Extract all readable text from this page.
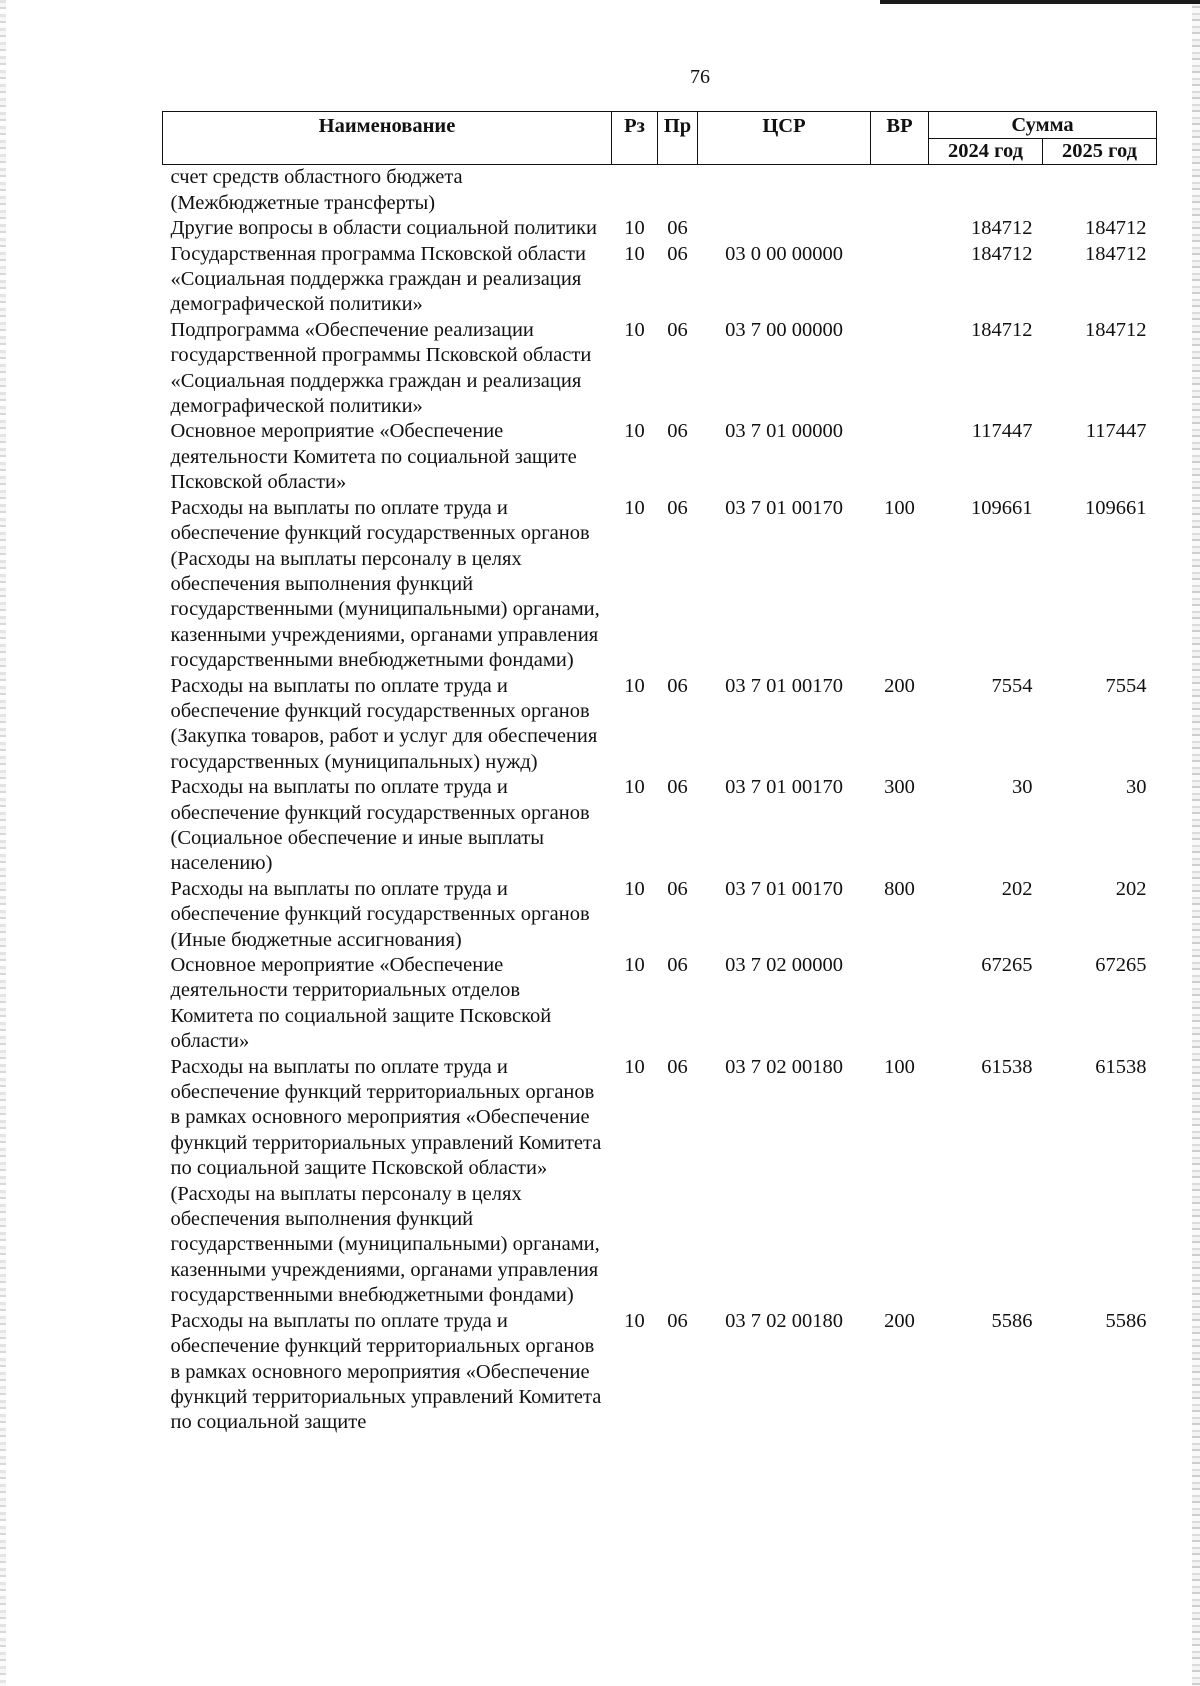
76
Наименование	Рз	Пр	ЦСР	ВР	Сумма	
					2024 год	2025 год
счет средств областного бюджета (Межбюджетные трансферты)						
Другие вопросы в области социальной политики	10	06			184712	184712
Государственная программа Псковской области «Социальная поддержка граждан и реализация демографической политики»	10	06	03 0 00 00000		184712	184712
Подпрограмма «Обеспечение реализации государственной программы Псковской области «Социальная поддержка граждан и реализация демографической политики»	10	06	03 7 00 00000		184712	184712
Основное мероприятие «Обеспечение деятельности Комитета по социальной защите Псковской области»	10	06	03 7 01 00000		117447	117447
Расходы на выплаты по оплате труда и обеспечение функций государственных органов (Расходы на выплаты персоналу в целях обеспечения выполнения функций государственными (муниципальными) органами, казенными учреждениями, органами управления государственными внебюджетными фондами)	10	06	03 7 01 00170	100	109661	109661
Расходы на выплаты по оплате труда и обеспечение функций государственных органов (Закупка товаров, работ и услуг для обеспечения государственных (муниципальных) нужд)	10	06	03 7 01 00170	200	7554	7554
Расходы на выплаты по оплате труда и обеспечение функций государственных органов (Социальное обеспечение и иные выплаты населению)	10	06	03 7 01 00170	300	30	30
Расходы на выплаты по оплате труда и обеспечение функций государственных органов (Иные бюджетные ассигнования)	10	06	03 7 01 00170	800	202	202
Основное мероприятие «Обеспечение деятельности территориальных отделов Комитета по социальной защите Псковской области»	10	06	03 7 02 00000		67265	67265
Расходы на выплаты по оплате труда и обеспечение функций территориальных органов в рамках основного мероприятия «Обеспечение функций территориальных управлений Комитета по социальной защите Псковской области» (Расходы на выплаты персоналу в целях обеспечения выполнения функций государственными (муниципальными) органами, казенными учреждениями, органами управления государственными внебюджетными фондами)	10	06	03 7 02 00180	100	61538	61538
Расходы на выплаты по оплате труда и обеспечение функций территориальных органов в рамках основного мероприятия «Обеспечение функций территориальных управлений Комитета по социальной защите	10	06	03 7 02 00180	200	5586	5586
